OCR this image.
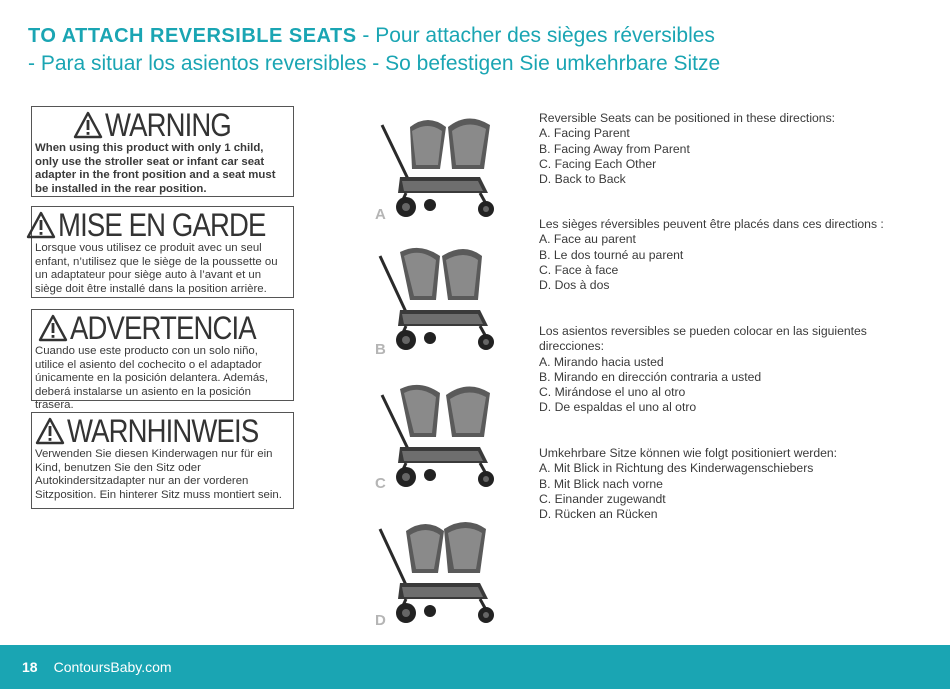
TO ATTACH REVERSIBLE SEATS - Pour attacher des sièges réversibles
- Para situar los asientos reversibles - So befestigen Sie umkehrbare Sitze
WARNING
When using this product with only 1 child, only use the stroller seat or infant car seat adapter in the front position and a seat must be installed in the rear position.
MISE EN GARDE
Lorsque vous utilisez ce produit avec un seul enfant, n’utilisez que le siège de la poussette ou un adaptateur pour siège auto à l’avant et un siège doit être installé dans la position arrière.
ADVERTENCIA
Cuando use este producto con un solo niño, utilice el asiento del cochecito o el adaptador únicamente en la posición delantera. Además, deberá instalarse un asiento en la posición trasera.
WARNHINWEIS
Verwenden Sie diesen Kinderwagen nur für ein Kind, benutzen Sie den Sitz oder Autokindersitzadapter nur an der vorderen Sitzposition. Ein hinterer Sitz muss montiert sein.
A
B
C
D
Reversible Seats can be positioned in these directions:
A. Facing Parent
B. Facing Away from Parent
C. Facing Each Other
D. Back to Back
Les sièges réversibles peuvent être placés dans ces directions :
A. Face au parent
B. Le dos tourné au parent
C. Face à face
D. Dos à dos
Los asientos reversibles se pueden colocar en las siguientes
direcciones:
A. Mirando hacia usted
B. Mirando en dirección contraria a usted
C. Mirándose el uno al otro
D. De espaldas el uno al otro
Umkehrbare Sitze können wie folgt positioniert werden:
A. Mit Blick in Richtung des Kinderwagenschiebers
B. Mit Blick nach vorne
C. Einander zugewandt
D. Rücken an Rücken
18 ContoursBaby.com
